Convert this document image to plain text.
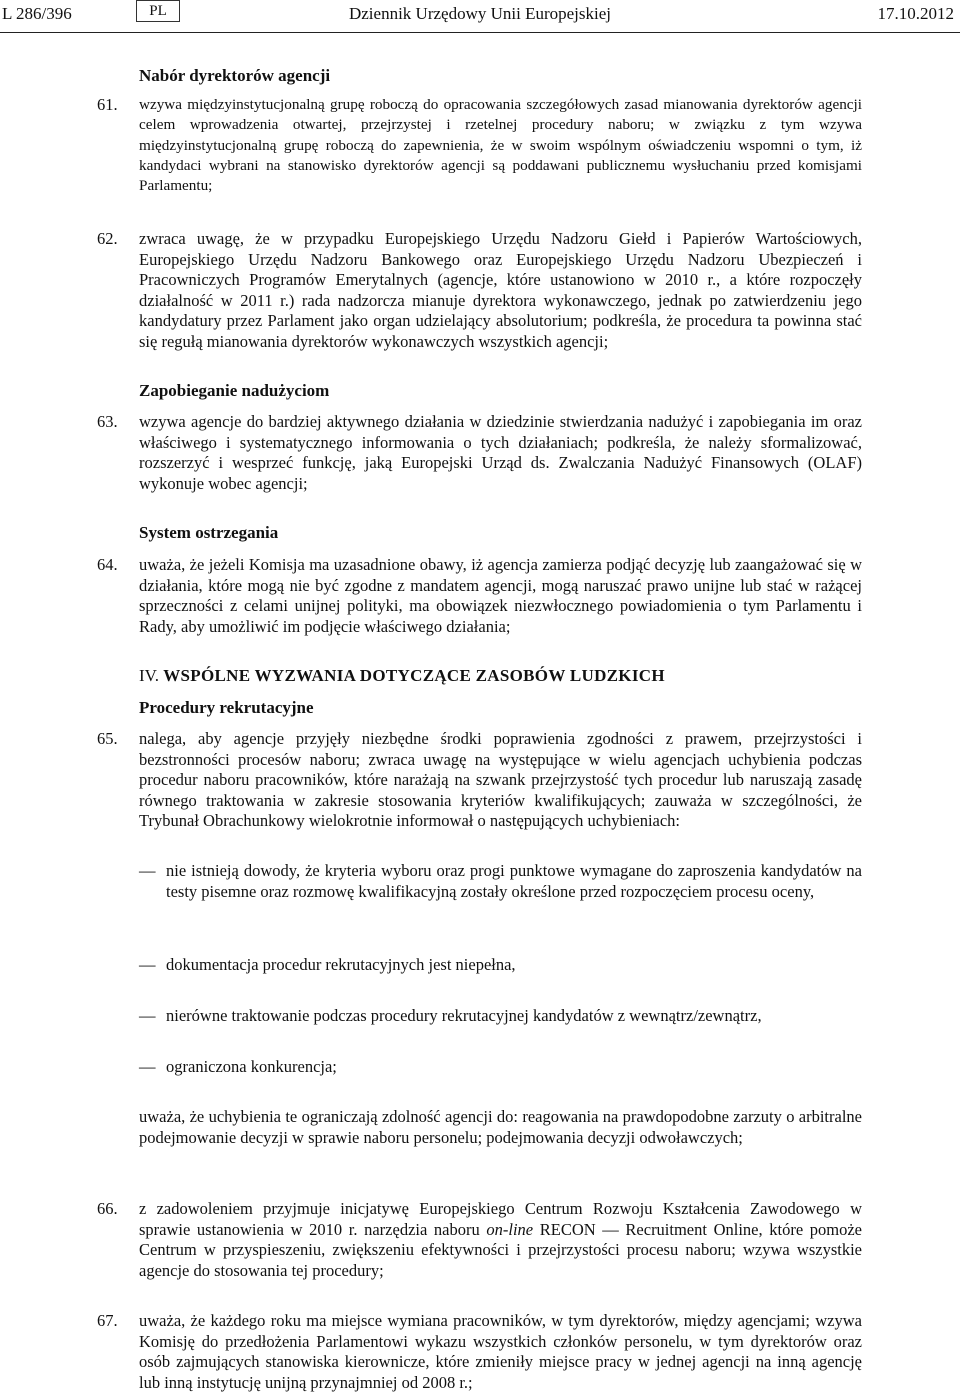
L 286/396	PL	Dziennik Urzędowy Unii Europejskiej	17.10.2012
Nabór dyrektorów agencji
61. wzywa międzyinstytucjonalną grupę roboczą do opracowania szczegółowych zasad mianowania dyrektorów agencji celem wprowadzenia otwartej, przejrzystej i rzetelnej procedury naboru; w związku z tym wzywa międzyinstytucjonalną grupę roboczą do zapewnienia, że w swoim wspólnym oświadczeniu wspomni o tym, iż kandydaci wybrani na stanowisko dyrektorów agencji są poddawani publicznemu wysłuchaniu przed komisjami Parlamentu;
62. zwraca uwagę, że w przypadku Europejskiego Urzędu Nadzoru Giełd i Papierów Wartościowych, Europejskiego Urzędu Nadzoru Bankowego oraz Europejskiego Urzędu Nadzoru Ubezpieczeń i Pracowniczych Programów Emerytalnych (agencje, które ustanowiono w 2010 r., a które rozpoczęły działalność w 2011 r.) rada nadzorcza mianuje dyrektora wykonawczego, jednak po zatwierdzeniu jego kandydatury przez Parlament jako organ udzielający absolutorium; podkreśla, że procedura ta powinna stać się regułą mianowania dyrektorów wykonawczych wszystkich agencji;
Zapobieganie nadużyciom
63. wzywa agencje do bardziej aktywnego działania w dziedzinie stwierdzania nadużyć i zapobiegania im oraz właściwego i systematycznego informowania o tych działaniach; podkreśla, że należy sformalizować, rozszerzyć i wesprzeć funkcję, jaką Europejski Urząd ds. Zwalczania Nadużyć Finansowych (OLAF) wykonuje wobec agencji;
System ostrzegania
64. uważa, że jeżeli Komisja ma uzasadnione obawy, iż agencja zamierza podjąć decyzję lub zaangażować się w działania, które mogą nie być zgodne z mandatem agencji, mogą naruszać prawo unijne lub stać w rażącej sprzeczności z celami unijnej polityki, ma obowiązek niezwłocznego powiadomienia o tym Parlamentu i Rady, aby umożliwić im podjęcie właściwego działania;
IV. WSPÓLNE WYZWANIA DOTYCZĄCE ZASOBÓW LUDZKICH
Procedury rekrutacyjne
65. nalega, aby agencje przyjęły niezbędne środki poprawienia zgodności z prawem, przejrzystości i bezstronności procesów naboru; zwraca uwagę na występujące w wielu agencjach uchybienia podczas procedur naboru pracowników, które narażają na szwank przejrzystość tych procedur lub naruszają zasadę równego traktowania w zakresie stosowania kryteriów kwalifikujących; zauważa w szczególności, że Trybunał Obrachunkowy wielokrotnie informował o następujących uchybieniach:
— nie istnieją dowody, że kryteria wyboru oraz progi punktowe wymagane do zaproszenia kandydatów na testy pisemne oraz rozmowę kwalifikacyjną zostały określone przed rozpoczęciem procesu oceny,
— dokumentacja procedur rekrutacyjnych jest niepełna,
— nierówne traktowanie podczas procedury rekrutacyjnej kandydatów z wewnątrz/zewnątrz,
— ograniczona konkurencja;
uważa, że uchybienia te ograniczają zdolność agencji do: reagowania na prawdopodobne zarzuty o arbitralne podejmowanie decyzji w sprawie naboru personelu; podejmowania decyzji odwoławczych;
66. z zadowoleniem przyjmuje inicjatywę Europejskiego Centrum Rozwoju Kształcenia Zawodowego w sprawie ustanowienia w 2010 r. narzędzia naboru on-line RECON — Recruitment Online, które pomoże Centrum w przyspieszeniu, zwiększeniu efektywności i przejrzystości procesu naboru; wzywa wszystkie agencje do stosowania tej procedury;
67. uważa, że każdego roku ma miejsce wymiana pracowników, w tym dyrektorów, między agencjami; wzywa Komisję do przedłożenia Parlamentowi wykazu wszystkich członków personelu, w tym dyrektorów oraz osób zajmujących stanowiska kierownicze, które zmieniły miejsce pracy w jednej agencji na inną agencję lub inną instytucję unijną przynajmniej od 2008 r.;
